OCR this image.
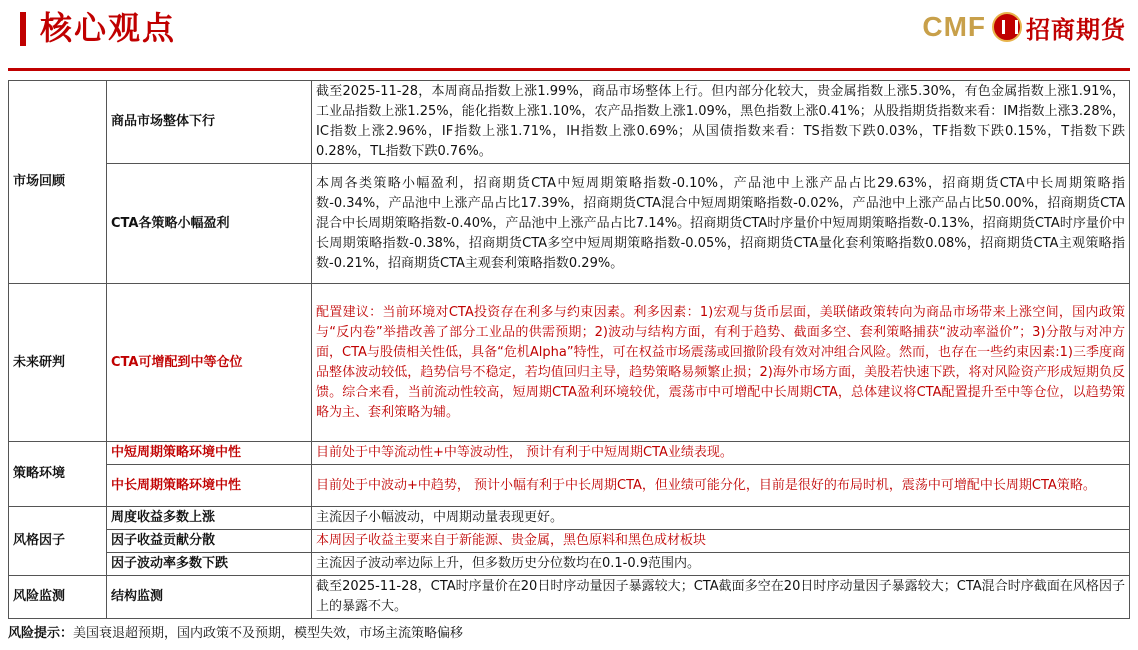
核心观点	CMF 招商期货
市场回顾	商品市场整体下行	截至2025-11-28，本周商品指数上涨1.99%，商品市场整体上行。但内部分化较大，贵金属指数上涨5.30%，有色金属指数上涨1.91%，工业品指数上涨1.25%，能化指数上涨1.10%，农产品指数上涨1.09%，黑色指数上涨0.41%；从股指期货指数来看：IM指数上涨3.28%，IC指数上涨2.96%，IF指数上涨1.71%，IH指数上涨0.69%；从国债指数来看：TS指数下跌0.03%，TF指数下跌0.15%，T指数下跌0.28%，TL指数下跌0.76%。
	CTA各策略小幅盈利	本周各类策略小幅盈利，招商期货CTA中短周期策略指数-0.10%，产品池中上涨产品占比29.63%，招商期货CTA中长周期策略指数-0.34%，产品池中上涨产品占比17.39%，招商期货CTA混合中短周期策略指数-0.02%，产品池中上涨产品占比50.00%，招商期货CTA混合中长周期策略指数-0.40%，产品池中上涨产品占比7.14%。招商期货CTA时序量价中短周期策略指数-0.13%，招商期货CTA时序量价中长周期策略指数-0.38%，招商期货CTA多空中短周期策略指数-0.05%，招商期货CTA量化套利策略指数0.08%，招商期货CTA主观策略指数-0.21%，招商期货CTA主观套利策略指数0.29%。
未来研判	CTA可增配到中等仓位	配置建议：当前环境对CTA投资存在利多与约束因素。利多因素：1)宏观与货币层面，美联储政策转向为商品市场带来上涨空间，国内政策与“反内卷”举措改善了部分工业品的供需预期；2)波动与结构方面，有利于趋势、截面多空、套利策略捕获“波动率溢价”；3)分散与对冲方面，CTA与股债相关性低，具备“危机Alpha”特性，可在权益市场震荡或回撤阶段有效对冲组合风险。然而，也存在一些约束因素:1)三季度商品整体波动较低，趋势信号不稳定，若均值回归主导，趋势策略易频繁止损；2)海外市场方面，美股若快速下跌，将对风险资产形成短期负反馈。综合来看，当前流动性较高，短周期CTA盈利环境较优，震荡市中可增配中长周期CTA，总体建议将CTA配置提升至中等仓位，以趋势策略为主、套利策略为辅。
策略环境	中短周期策略环境中性	目前处于中等流动性+中等波动性， 预计有利于中短周期CTA业绩表现。
	中长周期策略环境中性	目前处于中波动+中趋势， 预计小幅有利于中长周期CTA，但业绩可能分化，目前是很好的布局时机，震荡中可增配中长周期CTA策略。
风格因子	周度收益多数上涨	主流因子小幅波动，中周期动量表现更好。
	因子收益贡献分散	本周因子收益主要来自于新能源、贵金属，黑色原料和黑色成材板块
	因子波动率多数下跌	主流因子波动率边际上升，但多数历史分位数均在0.1-0.9范围内。
风险监测	结构监测	截至2025-11-28，CTA时序量价在20日时序动量因子暴露较大；CTA截面多空在20日时序动量因子暴露较大；CTA混合时序截面在风格因子上的暴露不大。
风险提示：美国衰退超预期，国内政策不及预期，模型失效，市场主流策略偏移
